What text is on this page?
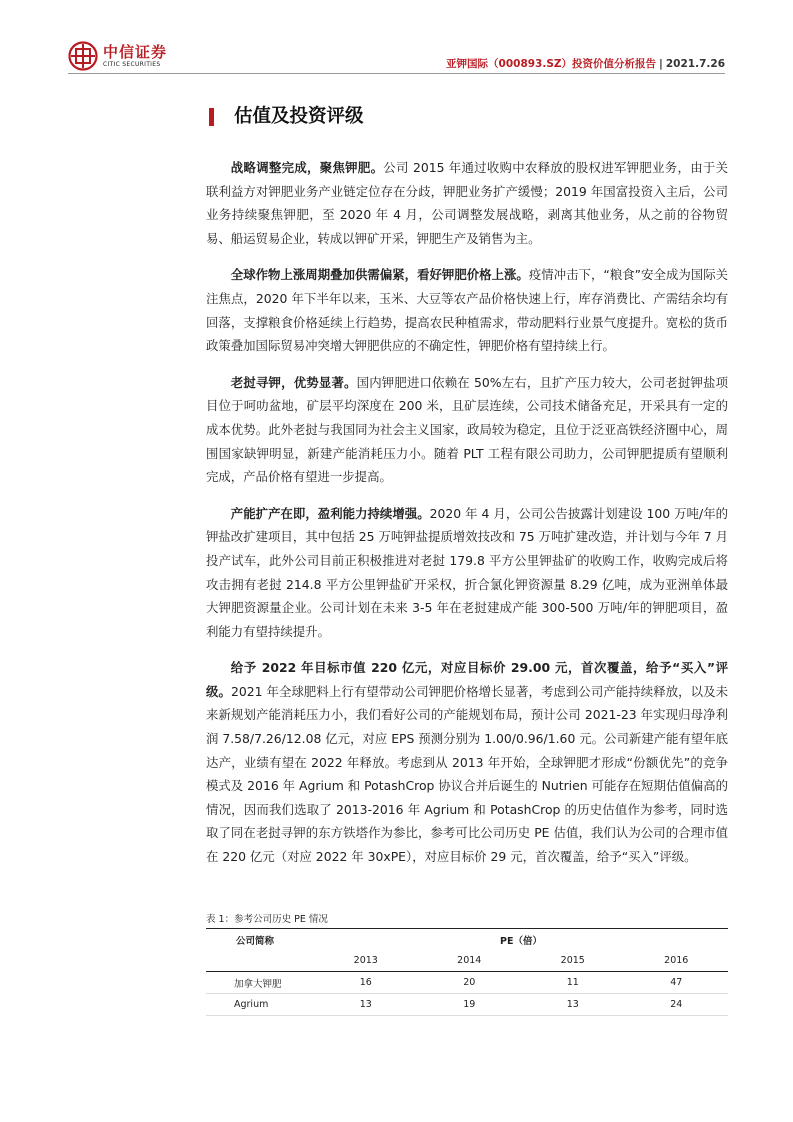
中信证券
CITIC SECURITIES	亚钾国际（000893.SZ）投资价值分析报告 | 2021.7.26
估值及投资评级

战略调整完成，聚焦钾肥。公司 2015 年通过收购中农释放的股权进军钾肥业务，由于关联利益方对钾肥业务产业链定位存在分歧，钾肥业务扩产缓慢；2019 年国富投资入主后，公司业务持续聚焦钾肥，至 2020 年 4 月，公司调整发展战略，剥离其他业务，从之前的谷物贸易、船运贸易企业，转成以钾矿开采，钾肥生产及销售为主。

全球作物上涨周期叠加供需偏紧，看好钾肥价格上涨。疫情冲击下，“粮食”安全成为国际关注焦点，2020 年下半年以来，玉米、大豆等农产品价格快速上行，库存消费比、产需结余均有回落，支撑粮食价格延续上行趋势，提高农民种植需求，带动肥料行业景气度提升。宽松的货币政策叠加国际贸易冲突增大钾肥供应的不确定性，钾肥价格有望持续上行。

老挝寻钾，优势显著。国内钾肥进口依赖在 50%左右，且扩产压力较大，公司老挝钾盐项目位于呵叻盆地，矿层平均深度在 200 米，且矿层连续，公司技术储备充足，开采具有一定的成本优势。此外老挝与我国同为社会主义国家，政局较为稳定，且位于泛亚高铁经济圈中心，周围国家缺钾明显，新建产能消耗压力小。随着 PLT 工程有限公司助力，公司钾肥提质有望顺利完成，产品价格有望进一步提高。

产能扩产在即，盈利能力持续增强。2020 年 4 月，公司公告披露计划建设 100 万吨/年的钾盐改扩建项目，其中包括 25 万吨钾盐提质增效技改和 75 万吨扩建改造，并计划与今年 7 月投产试车，此外公司目前正积极推进对老挝 179.8 平方公里钾盐矿的收购工作，收购完成后将攻击拥有老挝 214.8 平方公里钾盐矿开采权，折合氯化钾资源量 8.29 亿吨，成为亚洲单体最大钾肥资源量企业。公司计划在未来 3-5 年在老挝建成产能 300-500 万吨/年的钾肥项目，盈利能力有望持续提升。

给予 2022 年目标市值 220 亿元，对应目标价 29.00 元，首次覆盖，给予“买入”评级。2021 年全球肥料上行有望带动公司钾肥价格增长显著，考虑到公司产能持续释放，以及未来新规划产能消耗压力小，我们看好公司的产能规划布局，预计公司 2021-23 年实现归母净利润 7.58/7.26/12.08 亿元，对应 EPS 预测分别为 1.00/0.96/1.60 元。公司新建产能有望年底达产，业绩有望在 2022 年释放。考虑到从 2013 年开始，全球钾肥才形成“份额优先”的竞争模式及 2016 年 Agrium 和 PotashCrop 协议合并后诞生的 Nutrien 可能存在短期估值偏高的情况，因而我们选取了 2013-2016 年 Agrium 和 PotashCrop 的历史估值作为参考，同时选取了同在老挝寻钾的东方铁塔作为参比，参考可比公司历史 PE 估值，我们认为公司的合理市值在 220 亿元（对应 2022 年 30xPE），对应目标价 29 元，首次覆盖，给予“买入”评级。

表 1：参考公司历史 PE 情况
公司简称	PE（倍）			
	2013	2014	2015	2016
加拿大钾肥	16	20	11	47
Agrium	13	19	13	24
